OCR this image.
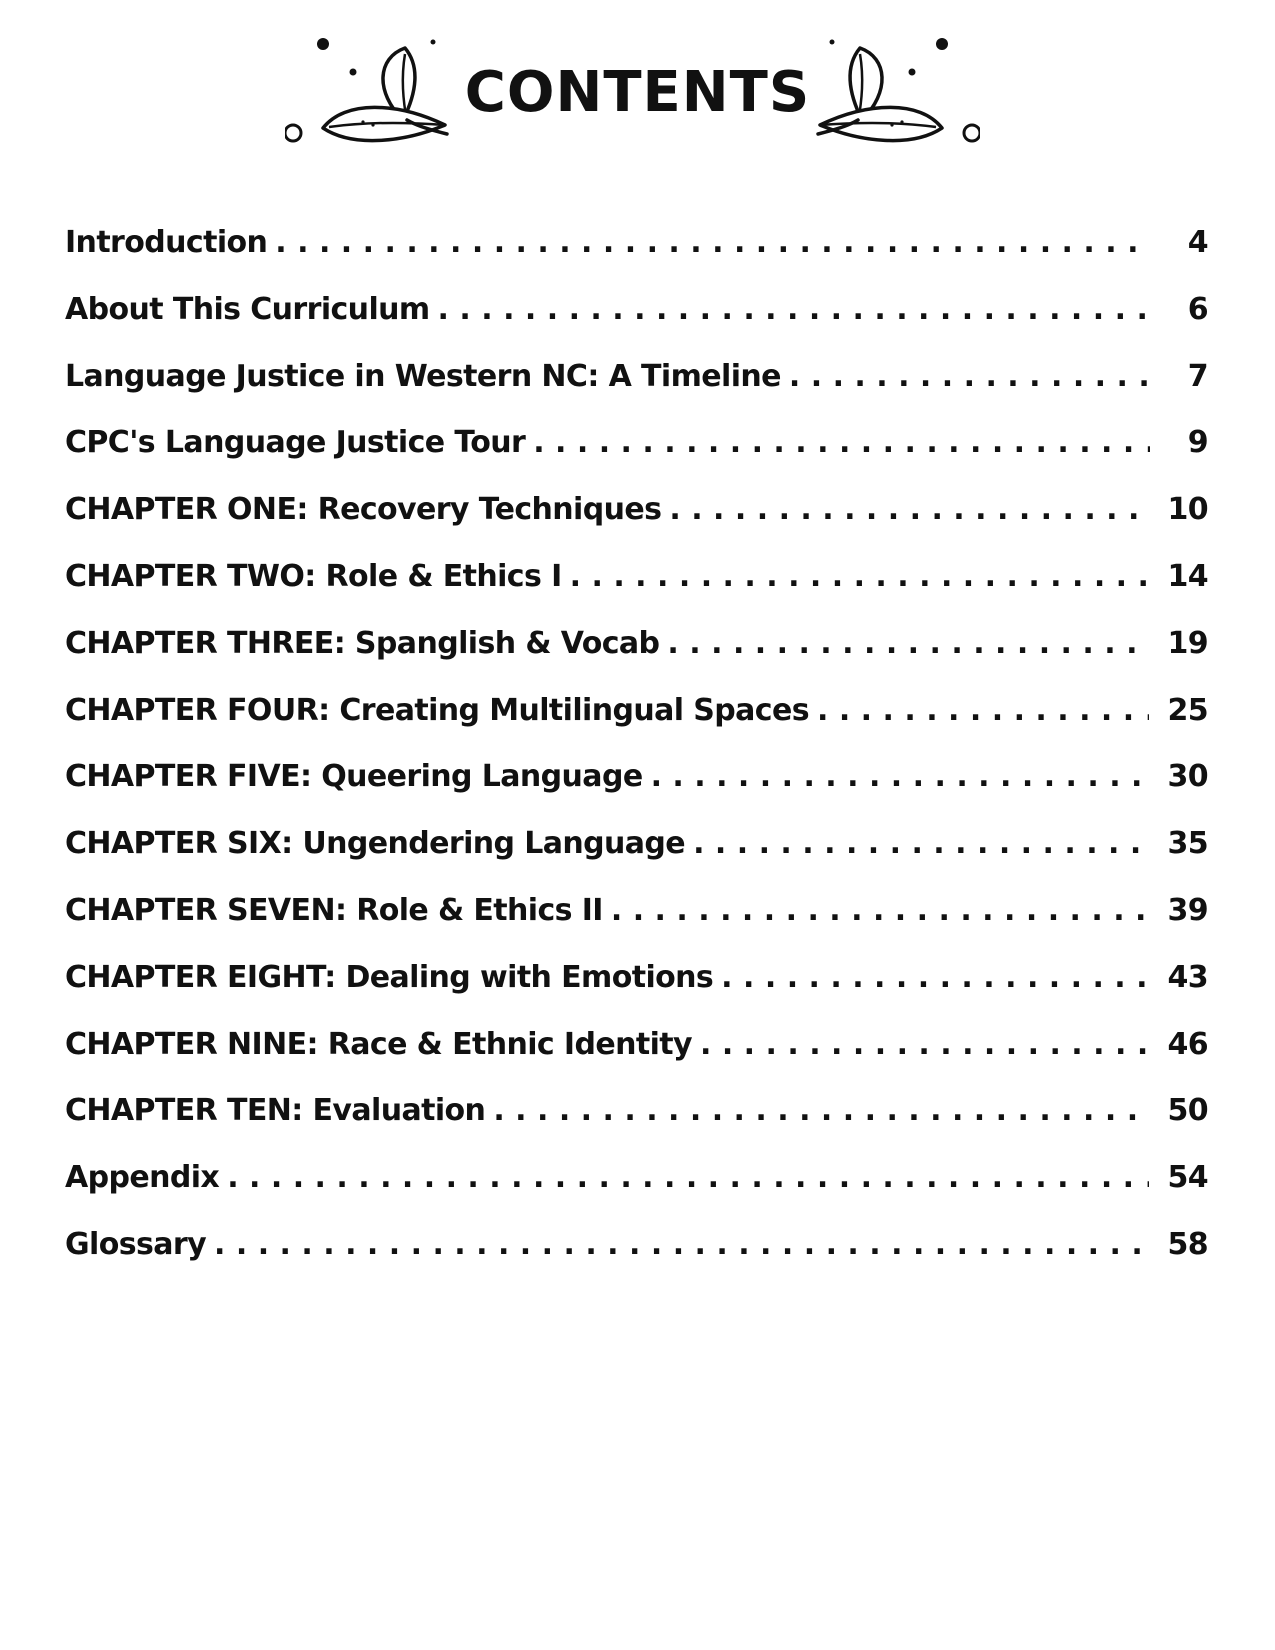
CONTENTS
Introduction . . .	4
About This Curriculum . . .	6
Language Justice in Western NC: A Timeline . . .	7
CPC's Language Justice Tour . . .	9
CHAPTER ONE: Recovery Techniques . . .	10
CHAPTER TWO: Role & Ethics I . . .	14
CHAPTER THREE: Spanglish & Vocab . . .	19
CHAPTER FOUR: Creating Multilingual Spaces . . .	25
CHAPTER FIVE: Queering Language . . .	30
CHAPTER SIX: Ungendering Language . . .	35
CHAPTER SEVEN: Role & Ethics II . . .	39
CHAPTER EIGHT: Dealing with Emotions . . .	43
CHAPTER NINE: Race & Ethnic Identity . . .	46
CHAPTER TEN: Evaluation . . .	50
Appendix . . .	54
Glossary . . .	58
